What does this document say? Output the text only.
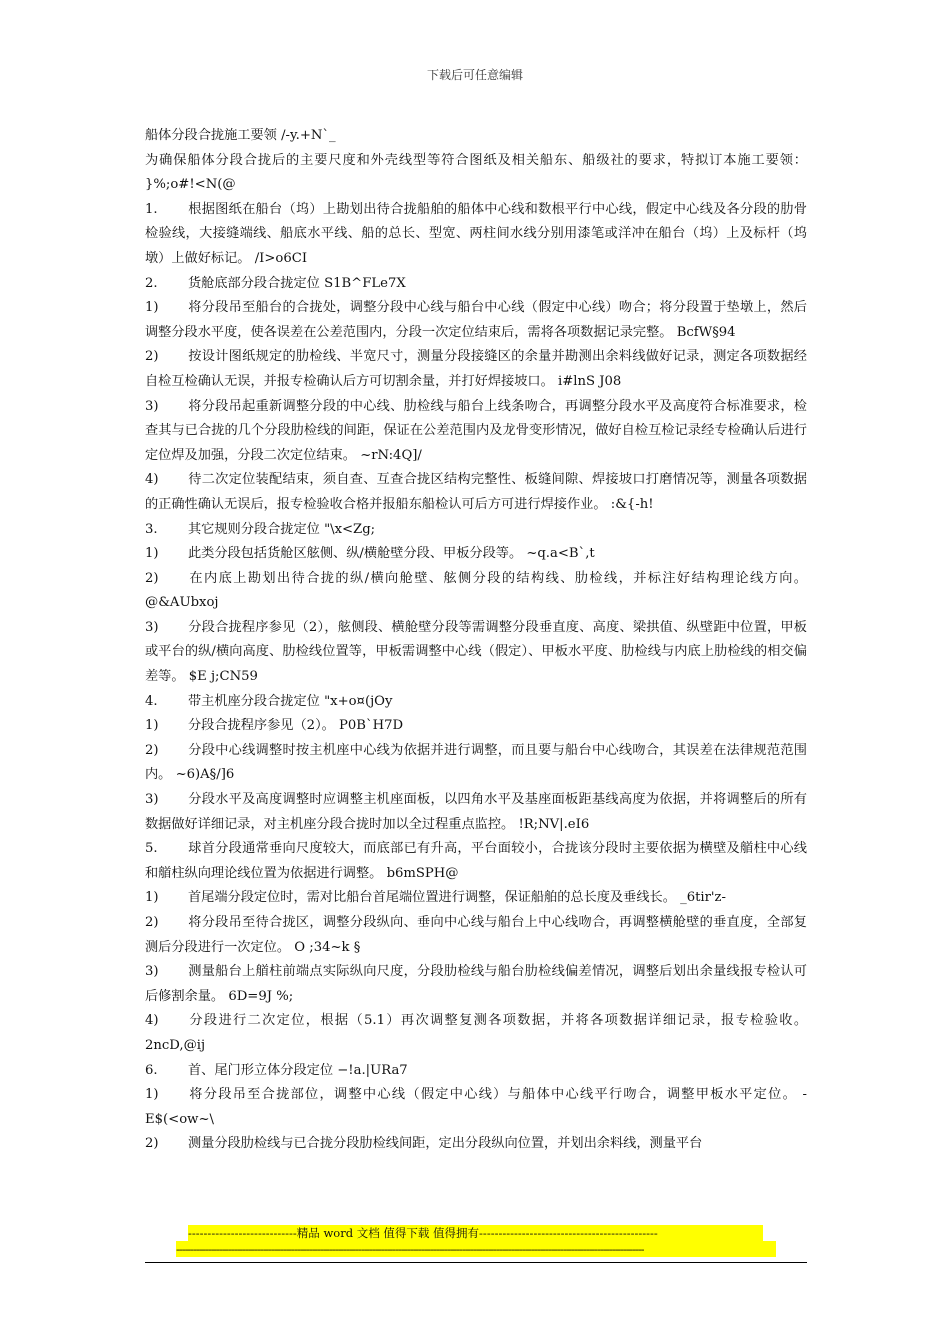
下载后可任意编辑

船体分段合拢施工要领 /-y.+N`_

为确保船体分段合拢后的主要尺度和外壳线型等符合图纸及相关船东、船级社的要求，特拟订本施工要领： }%;o#!<N(@

1. 根据图纸在船台（坞）上勘划出待合拢船舶的船体中心线和数根平行中心线，假定中心线及各分段的肋骨检验线，大接缝端线、船底水平线、船的总长、型宽、两柱间水线分别用漆笔或洋冲在船台（坞）上及标杆（坞墩）上做好标记。 /I>o6CI

2. 货舱底部分段合拢定位 S1B^FLe7X

1) 将分段吊至船台的合拢处，调整分段中心线与船台中心线（假定中心线）吻合；将分段置于垫墩上，然后调整分段水平度，使各误差在公差范围内，分段一次定位结束后，需将各项数据记录完整。 BcfW§94

2) 按设计图纸规定的肋检线、半宽尺寸，测量分段接缝区的余量并勘测出余料线做好记录，测定各项数据经自检互检确认无误，并报专检确认后方可切割余量，并打好焊接坡口。 i#lnS J08

3) 将分段吊起重新调整分段的中心线、肋检线与船台上线条吻合，再调整分段水平及高度符合标准要求，检查其与已合拢的几个分段肋检线的间距，保证在公差范围内及龙骨变形情况，做好自检互检记录经专检确认后进行定位焊及加强，分段二次定位结束。 ~rN:4Q]/

4) 待二次定位装配结束，须自查、互查合拢区结构完整性、板缝间隙、焊接坡口打磨情况等，测量各项数据的正确性确认无误后，报专检验收合格并报船东船检认可后方可进行焊接作业。 :&{-h!

3. 其它规则分段合拢定位 "\x<Zg;

1) 此类分段包括货舱区舷侧、纵/横舱壁分段、甲板分段等。 ~q.a<B`,t

2) 在内底上勘划出待合拢的纵/横向舱壁、舷侧分段的结构线、肋检线，并标注好结构理论线方向。 @&AUbxoj

3) 分段合拢程序参见（2），舷侧段、横舱壁分段等需调整分段垂直度、高度、梁拱值、纵壁距中位置，甲板或平台的纵/横向高度、肋检线位置等，甲板需调整中心线（假定）、甲板水平度、肋检线与内底上肋检线的相交偏差等。 $E j;CN59

4. 带主机座分段合拢定位 "x+o¤(jOy

1) 分段合拢程序参见（2）。 P0B`H7D

2) 分段中心线调整时按主机座中心线为依据并进行调整，而且要与船台中心线吻合，其误差在法律规范范围内。 ~6)A§/]6

3) 分段水平及高度调整时应调整主机座面板，以四角水平及基座面板距基线高度为依据，并将调整后的所有数据做好详细记录，对主机座分段合拢时加以全过程重点监控。 !R;NV|.eI6

5. 球首分段通常垂向尺度较大，而底部已有升高，平台面较小，合拢该分段时主要依据为横壁及艏柱中心线和艏柱纵向理论线位置为依据进行调整。 b6mSPH@

1) 首尾端分段定位时，需对比船台首尾端位置进行调整，保证船舶的总长度及垂线长。 _6tir'z-

2) 将分段吊至待合拢区，调整分段纵向、垂向中心线与船台上中心线吻合，再调整横舱壁的垂直度，全部复测后分段进行一次定位。 O ;34~k §

3) 测量船台上艏柱前端点实际纵向尺度，分段肋检线与船台肋检线偏差情况，调整后划出余量线报专检认可后修割余量。 6D=9J %;

4) 分段进行二次定位，根据（5.1）再次调整复测各项数据，并将各项数据详细记录，报专检验收。 2ncD,@ij

6. 首、尾门形立体分段定位 −!a.|URa7

1) 将分段吊至合拢部位，调整中心线（假定中心线）与船体中心线平行吻合，调整甲板水平定位。 -E$(<ow~\

2) 测量分段肋检线与已合拢分段肋检线间距，定出分段纵向位置，并划出余料线，测量平台

----------------------------精品 word 文档 值得下载 值得拥有----------------------------------------------
------------------------------------------------------------------------------------------------------------------------------------------------------------------
